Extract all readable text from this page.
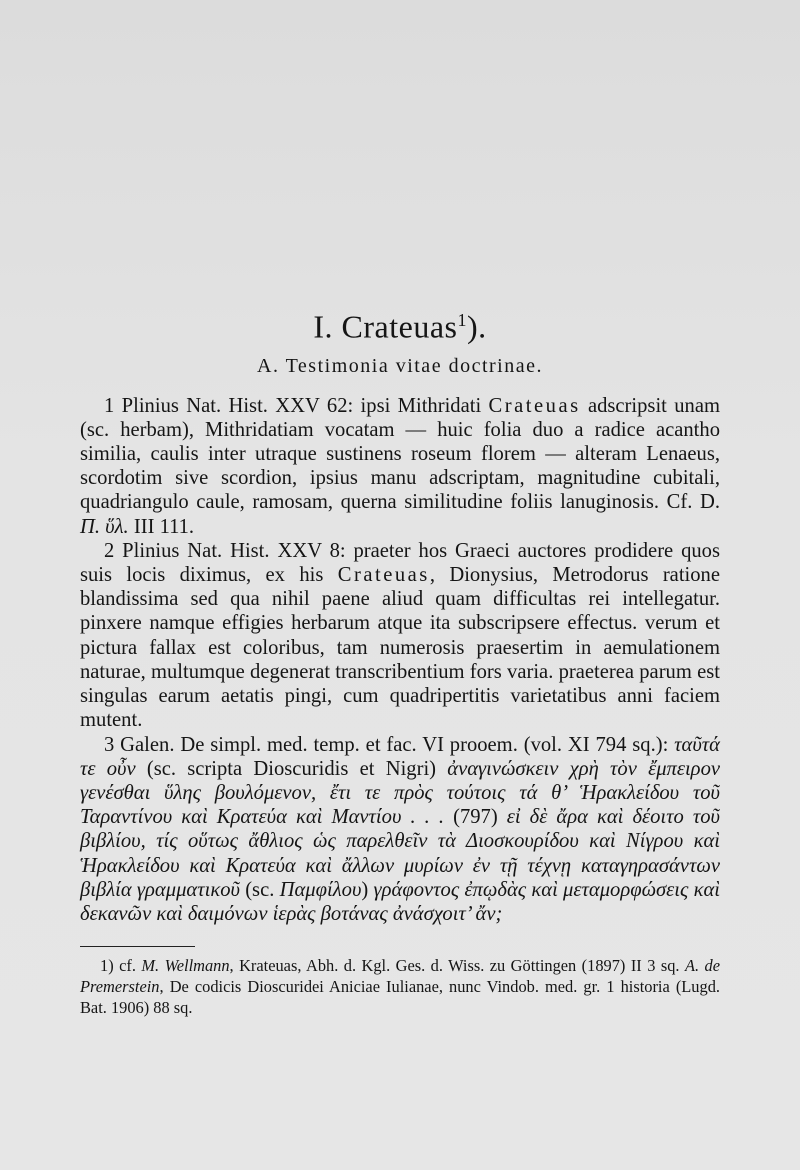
I. Crateuas$^1$).
A. Testimonia vitae doctrinae.

1 Plinius Nat. Hist. XXV 62: ipsi Mithridati Crateuas adscripsit unam (sc. herbam), Mithridatiam vocatam — huic folia duo a radice acantho similia, caulis inter utraque sustinens roseum florem — alteram Lenaeus, scordotim sive scordion, ipsius manu adscriptam, magnitudine cubitali, quadriangulo caule, ramosam, querna similitudine foliis lanuginosis. Cf. D. Π. ὕλ. III 111.

2 Plinius Nat. Hist. XXV 8: praeter hos Graeci auctores prodidere quos suis locis diximus, ex his Crateuas, Dionysius, Metrodorus ratione blandissima sed qua nihil paene aliud quam difficultas rei intellegatur. pinxere namque effigies herbarum atque ita subscripsere effectus. verum et pictura fallax est coloribus, tam numerosis praesertim in aemulationem naturae, multumque degenerat transcribentium fors varia. praeterea parum est singulas earum aetatis pingi, cum quadripertitis varietatibus anni faciem mutent.

3 Galen. De simpl. med. temp. et fac. VI prooem. (vol. XI 794 sq.): ταῦτά τε οὖν (sc. scripta Dioscuridis et Nigri) ἀναγινώσκειν χρὴ τὸν ἔμπειρον γενέσθαι ὕλης βουλόμενον, ἔτι τε πρὸς τούτοις τά θ’ Ἡρακλείδου τοῦ Ταραντίνου καὶ Κρατεύα καὶ Μαντίου . . . (797) εἰ δὲ ἄρα καὶ δέοιτο τοῦ βιβλίου, τίς οὕτως ἄθλιος ὡς παρελθεῖν τὰ Διοσκουρίδου καὶ Νίγρου καὶ Ἡρακλείδου καὶ Κρατεύα καὶ ἄλλων μυρίων ἐν τῇ τέχνῃ καταγηρασάντων βιβλία γραμματικοῦ (sc. Παμφίλου) γράφοντος ἐπῳδὰς καὶ μεταμορφώσεις καὶ δεκανῶν καὶ δαιμόνων ἱερὰς βοτάνας ἀνάσχοιτ’ ἄν;

1) cf. M. Wellmann, Krateuas, Abh. d. Kgl. Ges. d. Wiss. zu Göttingen (1897) II 3 sq. A. de Premerstein, De codicis Dioscuridei Aniciae Iulianae, nunc Vindob. med. gr. 1 historia (Lugd. Bat. 1906) 88 sq.
